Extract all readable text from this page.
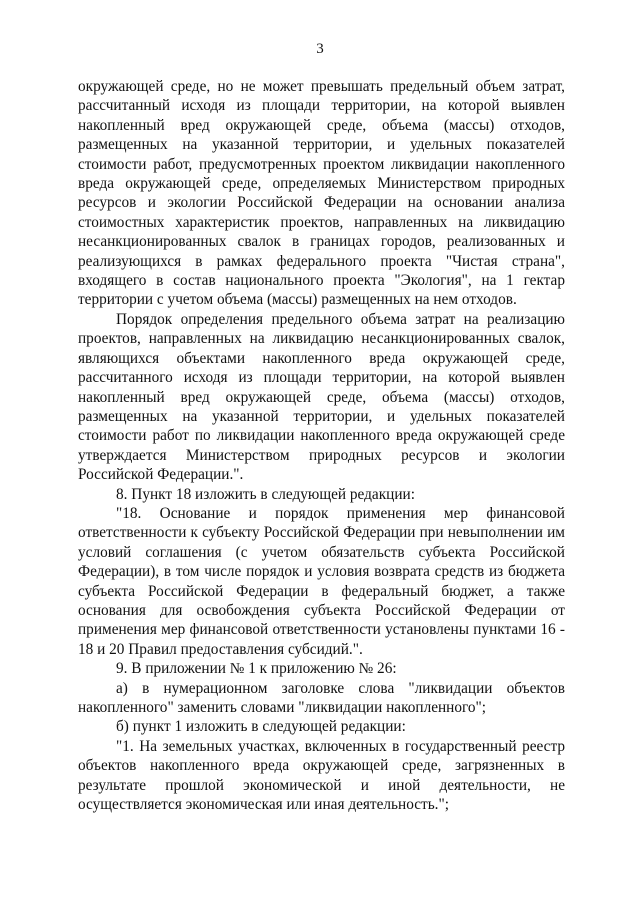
3

окружающей среде, но не может превышать предельный объем затрат, рассчитанный исходя из площади территории, на которой выявлен накопленный вред окружающей среде, объема (массы) отходов, размещенных на указанной территории, и удельных показателей стоимости работ, предусмотренных проектом ликвидации накопленного вреда окружающей среде, определяемых Министерством природных ресурсов и экологии Российской Федерации на основании анализа стоимостных характеристик проектов, направленных на ликвидацию несанкционированных свалок в границах городов, реализованных и реализующихся в рамках федерального проекта "Чистая страна", входящего в состав национального проекта "Экология", на 1 гектар территории с учетом объема (массы) размещенных на нем отходов.

Порядок определения предельного объема затрат на реализацию проектов, направленных на ликвидацию несанкционированных свалок, являющихся объектами накопленного вреда окружающей среде, рассчитанного исходя из площади территории, на которой выявлен накопленный вред окружающей среде, объема (массы) отходов, размещенных на указанной территории, и удельных показателей стоимости работ по ликвидации накопленного вреда окружающей среде утверждается Министерством природных ресурсов и экологии Российской Федерации.".

8. Пункт 18 изложить в следующей редакции:

"18. Основание и порядок применения мер финансовой ответственности к субъекту Российской Федерации при невыполнении им условий соглашения (с учетом обязательств субъекта Российской Федерации), в том числе порядок и условия возврата средств из бюджета субъекта Российской Федерации в федеральный бюджет, а также основания для освобождения субъекта Российской Федерации от применения мер финансовой ответственности установлены пунктами 16 - 18 и 20 Правил предоставления субсидий.".

9. В приложении № 1 к приложению № 26:

а) в нумерационном заголовке слова "ликвидации объектов накопленного" заменить словами "ликвидации накопленного";

б) пункт 1 изложить в следующей редакции:

"1. На земельных участках, включенных в государственный реестр объектов накопленного вреда окружающей среде, загрязненных в результате прошлой экономической и иной деятельности, не осуществляется экономическая или иная деятельность.";
